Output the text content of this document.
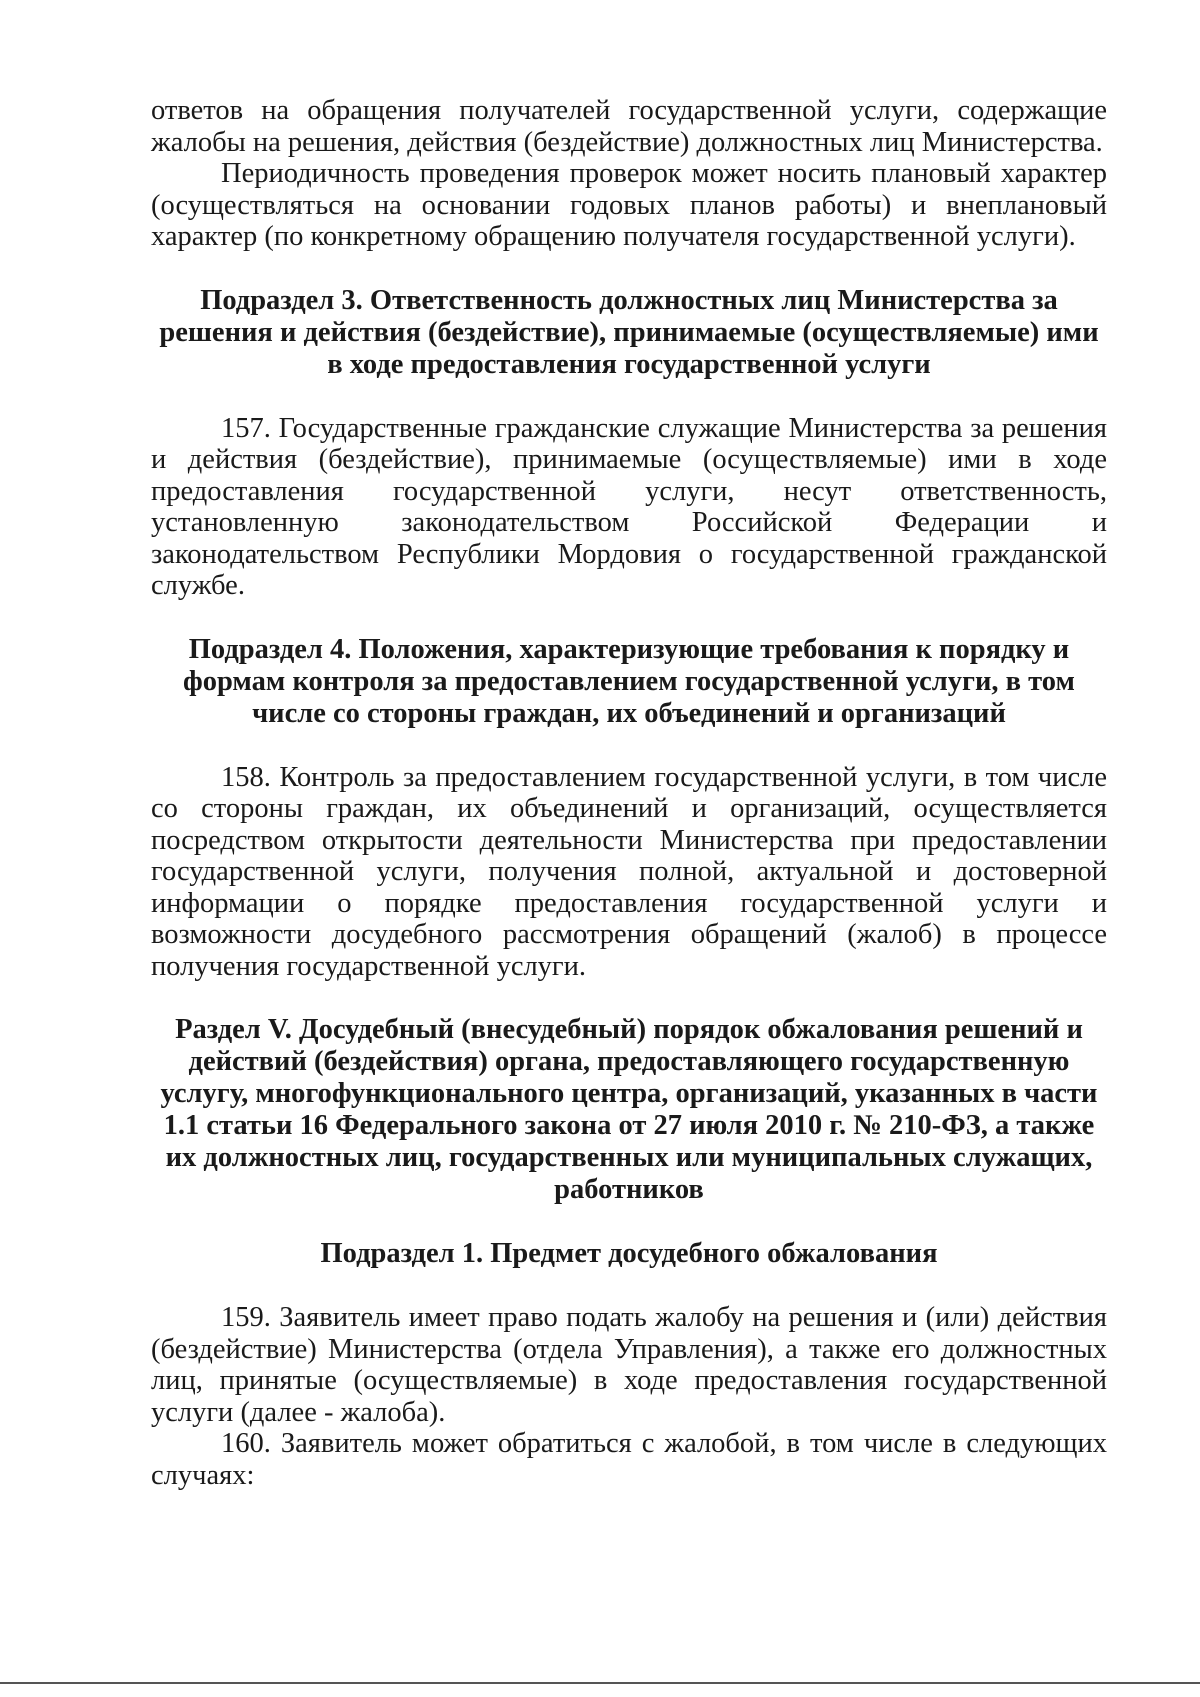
ответов на обращения получателей государственной услуги, содержащие жалобы на решения, действия (бездействие) должностных лиц Министерства.

Периодичность проведения проверок может носить плановый характер (осуществляться на основании годовых планов работы) и внеплановый характер (по конкретному обращению получателя государственной услуги).

Подраздел 3. Ответственность должностных лиц Министерства за решения и действия (бездействие), принимаемые (осуществляемые) ими в ходе предоставления государственной услуги

157. Государственные гражданские служащие Министерства за решения и действия (бездействие), принимаемые (осуществляемые) ими в ходе предоставления государственной услуги, несут ответственность, установленную законодательством Российской Федерации и законодательством Республики Мордовия о государственной гражданской службе.

Подраздел 4. Положения, характеризующие требования к порядку и формам контроля за предоставлением государственной услуги, в том числе со стороны граждан, их объединений и организаций

158. Контроль за предоставлением государственной услуги, в том числе со стороны граждан, их объединений и организаций, осуществляется посредством открытости деятельности Министерства при предоставлении государственной услуги, получения полной, актуальной и достоверной информации о порядке предоставления государственной услуги и возможности досудебного рассмотрения обращений (жалоб) в процессе получения государственной услуги.

Раздел V. Досудебный (внесудебный) порядок обжалования решений и действий (бездействия) органа, предоставляющего государственную услугу, многофункционального центра, организаций, указанных в части 1.1 статьи 16 Федерального закона от 27 июля 2010 г. № 210-ФЗ, а также их должностных лиц, государственных или муниципальных служащих, работников
Подраздел 1. Предмет досудебного обжалования

159. Заявитель имеет право подать жалобу на решения и (или) действия (бездействие) Министерства (отдела Управления), а также его должностных лиц, принятые (осуществляемые) в ходе предоставления государственной услуги (далее - жалоба).

160. Заявитель может обратиться с жалобой, в том числе в следующих случаях:
